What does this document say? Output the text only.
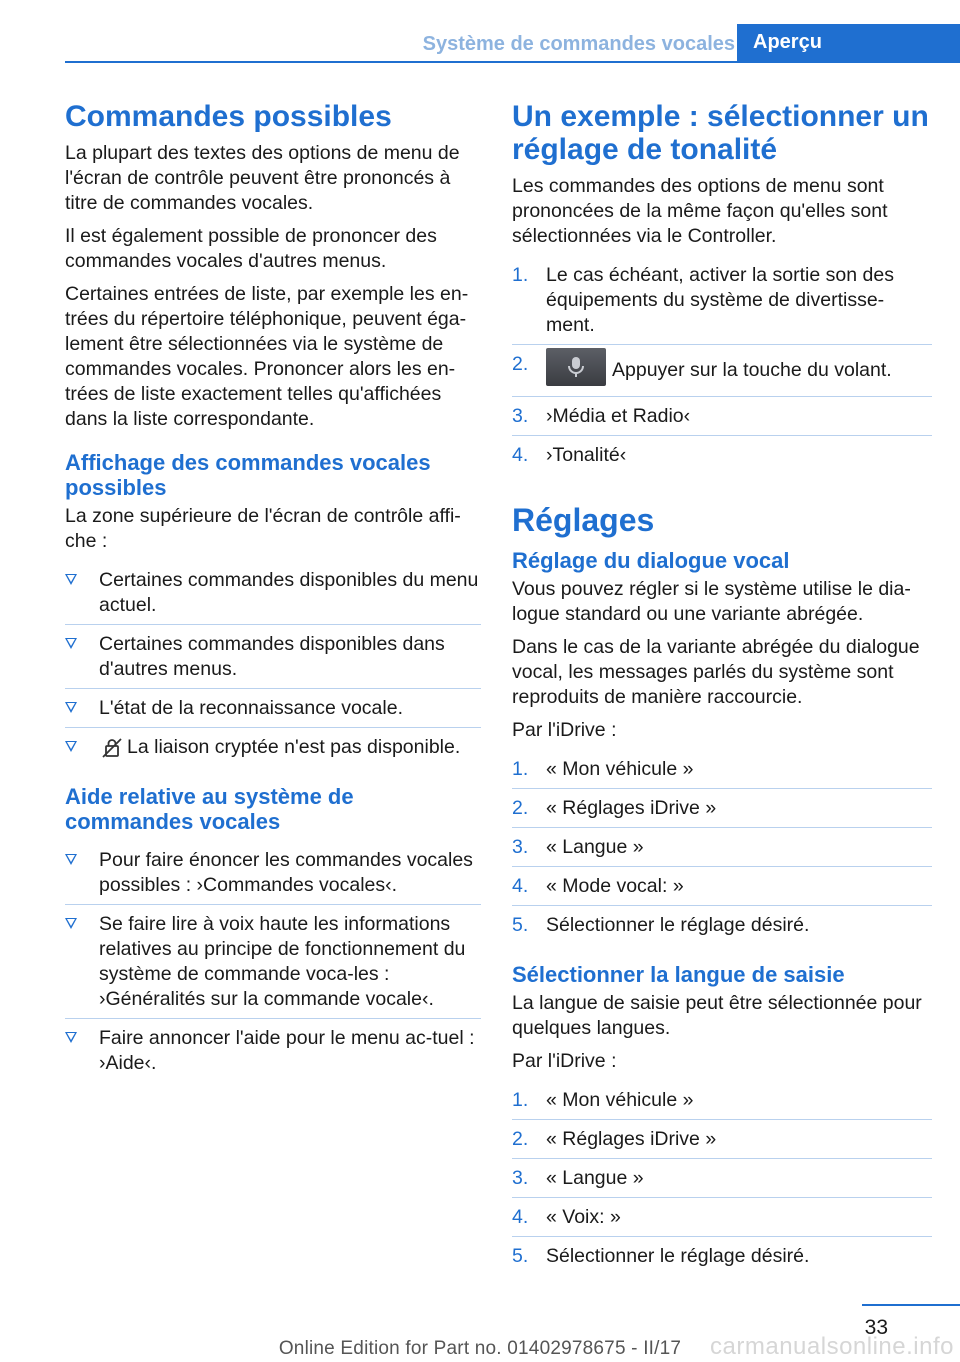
Système de commandes vocales Aperçu
Commandes possibles

La plupart des textes des options de menu de l'écran de contrôle peuvent être prononcés à titre de commandes vocales.

Il est également possible de prononcer des commandes vocales d'autres menus.

Certaines entrées de liste, par exemple les en-trées du répertoire téléphonique, peuvent éga-lement être sélectionnées via le système de commandes vocales. Prononcer alors les en-trées de liste exactement telles qu'affichées dans la liste correspondante.

Affichage des commandes vocales possibles

La zone supérieure de l'écran de contrôle affi-che :

Certaines commandes disponibles du menu actuel.
Certaines commandes disponibles dans d'autres menus.
L'état de la reconnaissance vocale.
La liaison cryptée n'est pas disponible.
Aide relative au système de commandes vocales
Pour faire énoncer les commandes vocales possibles : ›Commandes vocales‹.
Se faire lire à voix haute les informations relatives au principe de fonctionnement du système de commande voca-les : ›Généralités sur la commande vocale‹.
Faire annoncer l'aide pour le menu ac-tuel : ›Aide‹.
Un exemple : sélectionner un réglage de tonalité

Les commandes des options de menu sont prononcées de la même façon qu'elles sont sélectionnées via le Controller.

1. Le cas échéant, activer la sortie son des équipements du système de divertisse-ment.
2.	Appuyer sur la touche du volant.
3. ›Média et Radio‹
4. ›Tonalité‹
Réglages
Réglage du dialogue vocal

Vous pouvez régler si le système utilise le dia-logue standard ou une variante abrégée.

Dans le cas de la variante abrégée du dialogue vocal, les messages parlés du système sont reproduits de manière raccourcie.

Par l'iDrive :

1. « Mon véhicule »
2. « Réglages iDrive »
3. « Langue »
4. « Mode vocal: »
5. Sélectionner le réglage désiré.
Sélectionner la langue de saisie

La langue de saisie peut être sélectionnée pour quelques langues.

Par l'iDrive :

1. « Mon véhicule »
2. « Réglages iDrive »
3. « Langue »
4. « Voix: »
5. Sélectionner le réglage désiré.
33
Online Edition for Part no. 01402978675 - II/17	carmanualsonline.info
